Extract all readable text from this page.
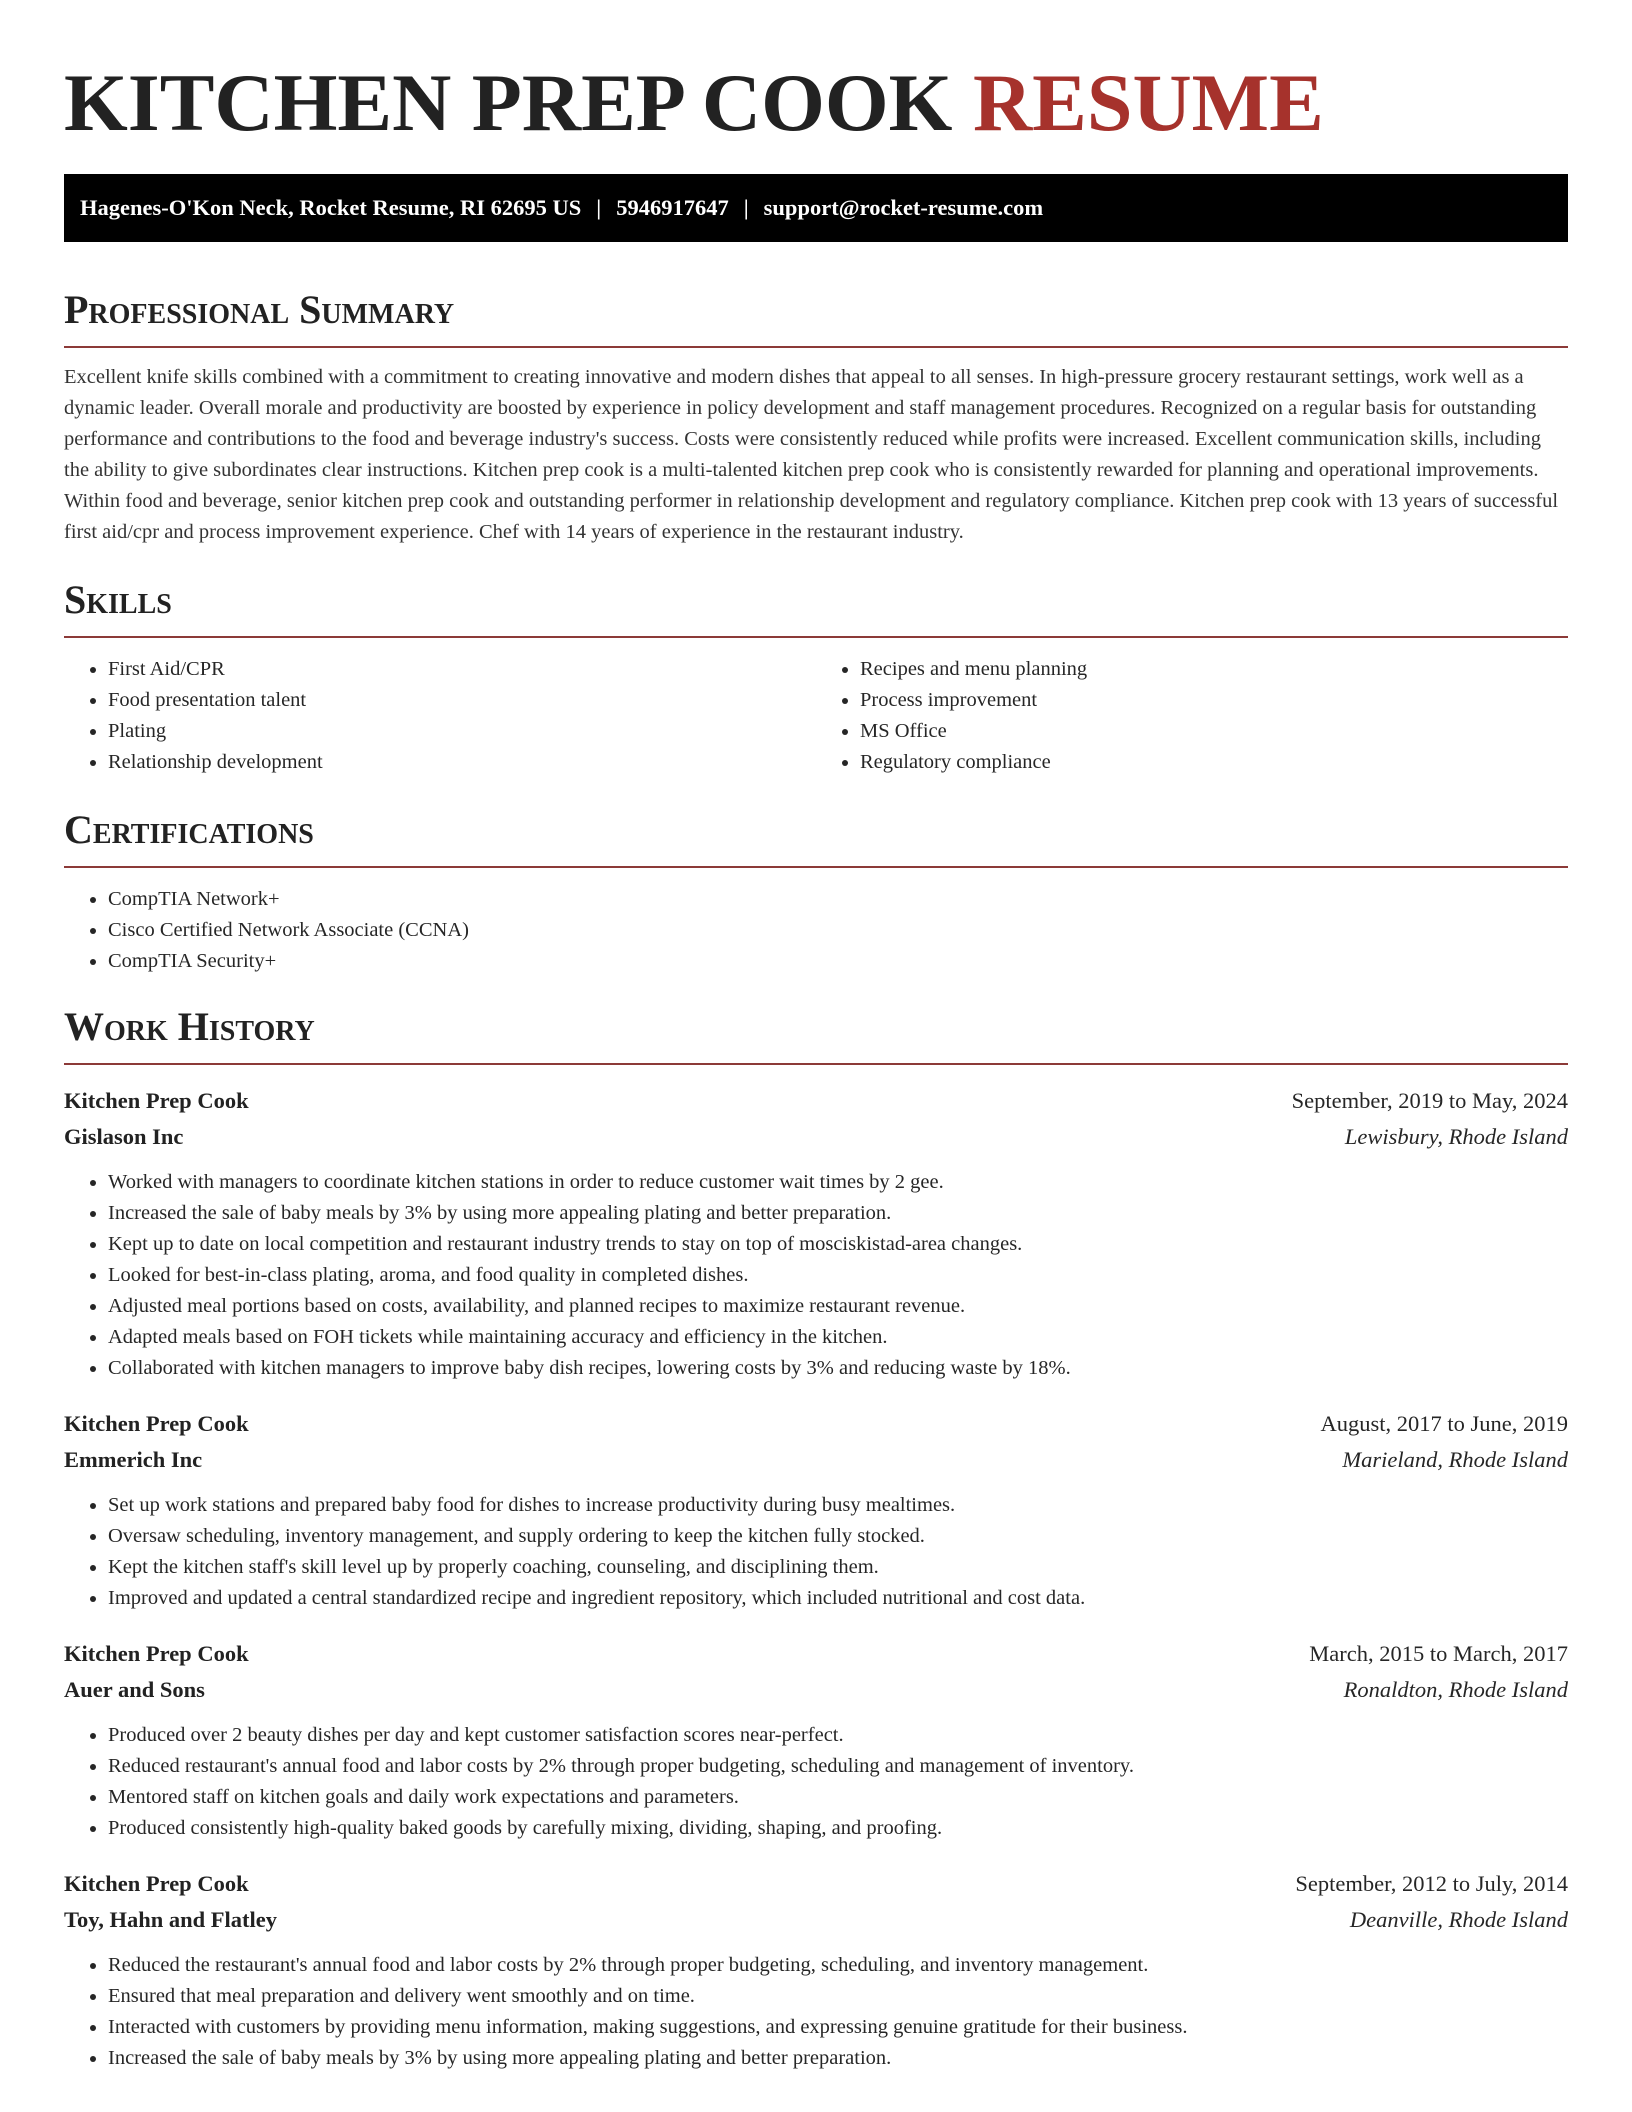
KITCHEN PREP COOK RESUME
Hagenes-O'Kon Neck, Rocket Resume, RI 62695 US | 5946917647 | support@rocket-resume.com
Professional Summary

Excellent knife skills combined with a commitment to creating innovative and modern dishes that appeal to all senses. In high-pressure grocery restaurant settings, work well as a dynamic leader. Overall morale and productivity are boosted by experience in policy development and staff management procedures. Recognized on a regular basis for outstanding performance and contributions to the food and beverage industry's success. Costs were consistently reduced while profits were increased. Excellent communication skills, including the ability to give subordinates clear instructions. Kitchen prep cook is a multi-talented kitchen prep cook who is consistently rewarded for planning and operational improvements. Within food and beverage, senior kitchen prep cook and outstanding performer in relationship development and regulatory compliance. Kitchen prep cook with 13 years of successful first aid/cpr and process improvement experience. Chef with 14 years of experience in the restaurant industry.

Skills
• First Aid/CPR
• Food presentation talent
• Plating
• Relationship development
• Recipes and menu planning
• Process improvement
• MS Office
• Regulatory compliance
Certifications
• CompTIA Network+
• Cisco Certified Network Associate (CCNA)
• CompTIA Security+
Work History
Kitchen Prep Cook	September, 2019 to May, 2024
Gislason Inc	Lewisbury, Rhode Island
• Worked with managers to coordinate kitchen stations in order to reduce customer wait times by 2 gee.
• Increased the sale of baby meals by 3% by using more appealing plating and better preparation.
• Kept up to date on local competition and restaurant industry trends to stay on top of mosciskistad-area changes.
• Looked for best-in-class plating, aroma, and food quality in completed dishes.
• Adjusted meal portions based on costs, availability, and planned recipes to maximize restaurant revenue.
• Adapted meals based on FOH tickets while maintaining accuracy and efficiency in the kitchen.
• Collaborated with kitchen managers to improve baby dish recipes, lowering costs by 3% and reducing waste by 18%.
Kitchen Prep Cook	August, 2017 to June, 2019
Emmerich Inc	Marieland, Rhode Island
• Set up work stations and prepared baby food for dishes to increase productivity during busy mealtimes.
• Oversaw scheduling, inventory management, and supply ordering to keep the kitchen fully stocked.
• Kept the kitchen staff's skill level up by properly coaching, counseling, and disciplining them.
• Improved and updated a central standardized recipe and ingredient repository, which included nutritional and cost data.
Kitchen Prep Cook	March, 2015 to March, 2017
Auer and Sons	Ronaldton, Rhode Island
• Produced over 2 beauty dishes per day and kept customer satisfaction scores near-perfect.
• Reduced restaurant's annual food and labor costs by 2% through proper budgeting, scheduling and management of inventory.
• Mentored staff on kitchen goals and daily work expectations and parameters.
• Produced consistently high-quality baked goods by carefully mixing, dividing, shaping, and proofing.
Kitchen Prep Cook	September, 2012 to July, 2014
Toy, Hahn and Flatley	Deanville, Rhode Island
• Reduced the restaurant's annual food and labor costs by 2% through proper budgeting, scheduling, and inventory management.
• Ensured that meal preparation and delivery went smoothly and on time.
• Interacted with customers by providing menu information, making suggestions, and expressing genuine gratitude for their business.
• Increased the sale of baby meals by 3% by using more appealing plating and better preparation.
